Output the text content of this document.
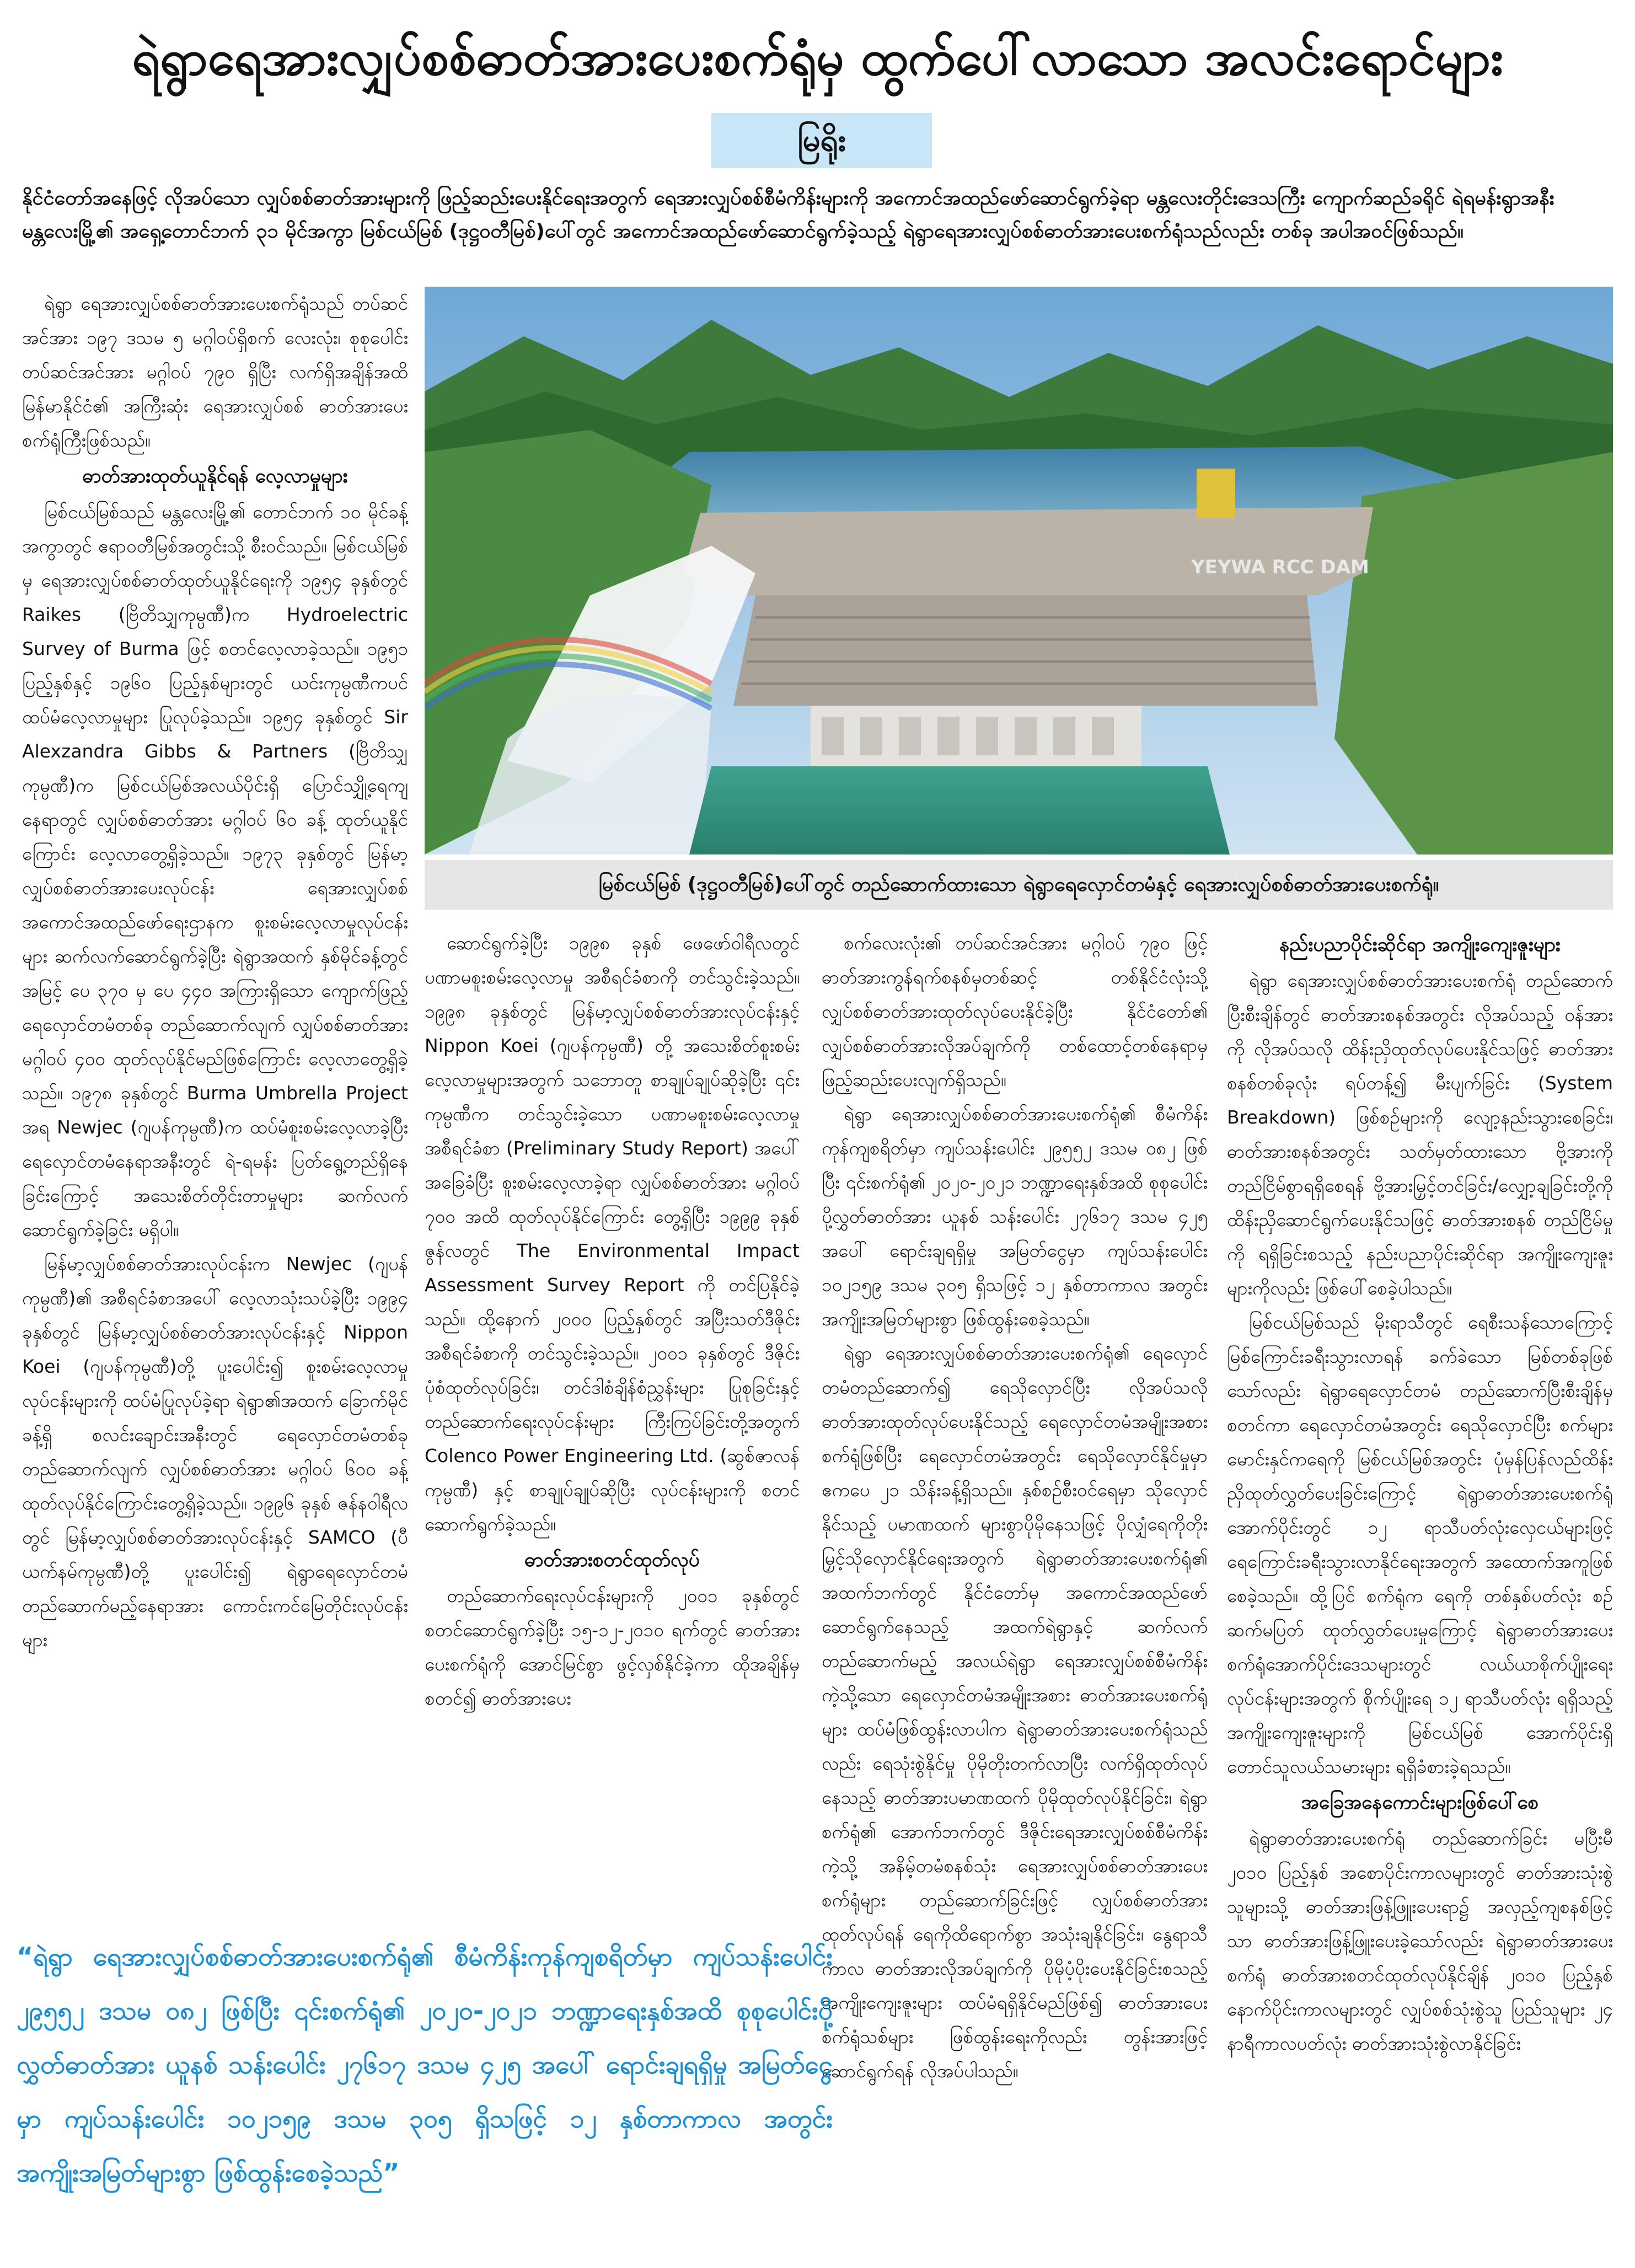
ရဲရွာရေအားလျှပ်စစ်ဓာတ်အားပေးစက်ရုံမှ ထွက်ပေါ်လာသော အလင်းရောင်များ
မြရိုး
နိုင်ငံတော်အနေဖြင့် လိုအပ်သော လျှပ်စစ်ဓာတ်အားများကို ဖြည့်ဆည်းပေးနိုင်ရေးအတွက် ရေအားလျှပ်စစ်စီမံကိန်းများကို အကောင်အထည်ဖော်ဆောင်ရွက်ခဲ့ရာ မန္တလေးတိုင်းဒေသကြီး ကျောက်ဆည်ခရိုင် ရဲရမန်းရွာအနီး မန္တလေးမြို့၏ အရှေ့တောင်ဘက် ၃၁ မိုင်အကွာ မြစ်ငယ်မြစ် (ဒုဋ္ဌဝတီမြစ်)ပေါ်တွင် အကောင်အထည်ဖော်ဆောင်ရွက်ခဲ့သည့် ရဲရွာရေအားလျှပ်စစ်ဓာတ်အားပေးစက်ရုံသည်လည်း တစ်ခု အပါအဝင်ဖြစ်သည်။

ရဲရွာ ရေအားလျှပ်စစ်ဓာတ်အားပေးစက်ရုံသည် တပ်ဆင်အင်အား ၁၉၇ ဒသမ ၅ မဂ္ဂါဝပ်ရှိစက် လေးလုံး၊ စုစုပေါင်းတပ်ဆင်အင်အား မဂ္ဂါဝပ် ၇၉၀ ရှိပြီး လက်ရှိအချိန်အထိ မြန်မာနိုင်ငံ၏ အကြီးဆုံး ရေအားလျှပ်စစ် ဓာတ်အားပေးစက်ရုံကြီးဖြစ်သည်။

ဓာတ်အားထုတ်ယူနိုင်ရန် လေ့လာမှုများ

မြစ်ငယ်မြစ်သည် မန္တလေးမြို့၏ တောင်ဘက် ၁၀ မိုင်ခန့်အကွာတွင် ဧရာဝတီမြစ်အတွင်းသို့ စီးဝင်သည်။ မြစ်ငယ်မြစ်မှ ရေအားလျှပ်စစ်ဓာတ်ထုတ်ယူနိုင်ရေးကို ၁၉၅၄ ခုနှစ်တွင် Raikes (ဗြိတိသျှကုမ္ပဏီ)က Hydroelectric Survey of Burma ဖြင့် စတင်လေ့လာခဲ့သည်။ ၁၉၅၁ ပြည့်နှစ်နှင့် ၁၉၆၀ ပြည့်နှစ်များတွင် ယင်းကုမ္ပဏီကပင် ထပ်မံလေ့လာမှုများ ပြုလုပ်ခဲ့သည်။ ၁၉၅၄ ခုနှစ်တွင် Sir Alexzandra Gibbs & Partners (ဗြိတိသျှကုမ္ပဏီ)က မြစ်ငယ်မြစ်အလယ်ပိုင်းရှိ ပြောင်သျှို့ရေကျနေရာတွင် လျှပ်စစ်ဓာတ်အား မဂ္ဂါဝပ် ၆၀ ခန့် ထုတ်ယူနိုင်ကြောင်း လေ့လာတွေ့ရှိခဲ့သည်။ ၁၉၇၃ ခုနှစ်တွင် မြန်မာ့လျှပ်စစ်ဓာတ်အားပေးလုပ်ငန်း ရေအားလျှပ်စစ် အကောင်အထည်ဖော်ရေးဌာနက စူးစမ်းလေ့လာမှုလုပ်ငန်းများ ဆက်လက်ဆောင်ရွက်ခဲ့ပြီး ရဲရွာအထက် နှစ်မိုင်ခန့်တွင် အမြင့် ပေ ၃၇၀ မှ ပေ ၄၄၀ အကြားရှိသော ကျောက်ဖြည့်ရေလှောင်တမံတစ်ခု တည်ဆောက်လျက် လျှပ်စစ်ဓာတ်အား မဂ္ဂါဝပ် ၄၀၀ ထုတ်လုပ်နိုင်မည်ဖြစ်ကြောင်း လေ့လာတွေ့ရှိခဲ့သည်။ ၁၉၇၈ ခုနှစ်တွင် Burma Umbrella Project အရ Newjec (ဂျပန်ကုမ္ပဏီ)က ထပ်မံစူးစမ်းလေ့လာခဲ့ပြီး ရေလှောင်တမံနေရာအနီးတွင် ရဲ-ရမန်း ပြတ်ရွေ့တည်ရှိနေခြင်းကြောင့် အသေးစိတ်တိုင်းတာမှုများ ဆက်လက်ဆောင်ရွက်ခဲ့ခြင်း မရှိပါ။

မြန်မာ့လျှပ်စစ်ဓာတ်အားလုပ်ငန်းက Newjec (ဂျပန်ကုမ္ပဏီ)၏ အစီရင်ခံစာအပေါ် လေ့လာသုံးသပ်ခဲ့ပြီး ၁၉၉၄ ခုနှစ်တွင် မြန်မာ့လျှပ်စစ်ဓာတ်အားလုပ်ငန်းနှင့် Nippon Koei (ဂျပန်ကုမ္ပဏီ)တို့ ပူးပေါင်း၍ စူးစမ်းလေ့လာမှုလုပ်ငန်းများကို ထပ်မံပြုလုပ်ခဲ့ရာ ရဲရွာ၏အထက် ခြောက်မိုင်ခန့်ရှိ စလင်းချောင်းအနီးတွင် ရေလှောင်တမံတစ်ခု တည်ဆောက်လျက် လျှပ်စစ်ဓာတ်အား မဂ္ဂါဝပ် ၆၀၀ ခန့် ထုတ်လုပ်နိုင်ကြောင်းတွေ့ရှိခဲ့သည်။ ၁၉၉၆ ခုနှစ် ဇန်နဝါရီလတွင် မြန်မာ့လျှပ်စစ်ဓာတ်အားလုပ်ငန်းနှင့် SAMCO (ပီယက်နမ်ကုမ္ပဏီ)တို့ ပူးပေါင်း၍ ရဲရွာရေလှောင်တမံ တည်ဆောက်မည့်နေရာအား ကောင်းကင်မြေတိုင်းလုပ်ငန်းများ

YEYWA RCC DAM
မြစ်ငယ်မြစ် (ဒုဋ္ဌဝတီမြစ်)ပေါ်တွင် တည်ဆောက်ထားသော ရဲရွာရေလှောင်တမံနှင့် ရေအားလျှပ်စစ်ဓာတ်အားပေးစက်ရုံ။

ဆောင်ရွက်ခဲ့ပြီး ၁၉၉၈ ခုနှစ် ဖေဖော်ဝါရီလတွင် ပဏာမစူးစမ်းလေ့လာမှု အစီရင်ခံစာကို တင်သွင်းခဲ့သည်။ ၁၉၉၈ ခုနှစ်တွင် မြန်မာ့လျှပ်စစ်ဓာတ်အားလုပ်ငန်းနှင့် Nippon Koei (ဂျပန်ကုမ္ပဏီ) တို့ အသေးစိတ်စူးစမ်းလေ့လာမှုများအတွက် သဘောတူ စာချုပ်ချုပ်ဆိုခဲ့ပြီး ၎င်းကုမ္ပဏီက တင်သွင်းခဲ့သော ပဏာမစူးစမ်းလေ့လာမှု အစီရင်ခံစာ (Preliminary Study Report) အပေါ် အခြေခံပြီး စူးစမ်းလေ့လာခဲ့ရာ လျှပ်စစ်ဓာတ်အား မဂ္ဂါဝပ် ၇၀၀ အထိ ထုတ်လုပ်နိုင်ကြောင်း တွေ့ရှိပြီး ၁၉၉၉ ခုနှစ် ဇွန်လတွင် The Environmental Impact Assessment Survey Report ကို တင်ပြနိုင်ခဲ့သည်။ ထို့နောက် ၂၀၀၀ ပြည့်နှစ်တွင် အပြီးသတ်ဒီဇိုင်းအစီရင်ခံစာကို တင်သွင်းခဲ့သည်။ ၂၀၀၁ ခုနှစ်တွင် ဒီဇိုင်းပုံစံထုတ်လုပ်ခြင်း၊ တင်ဒါစံချိန်စံညွှန်းများ ပြုစုခြင်းနှင့် တည်ဆောက်ရေးလုပ်ငန်းများ ကြီးကြပ်ခြင်းတို့အတွက် Colenco Power Engineering Ltd. (ဆွစ်ဇာလန်ကုမ္ပဏီ) နှင့် စာချုပ်ချုပ်ဆိုပြီး လုပ်ငန်းများကို စတင်ဆောက်ရွက်ခဲ့သည်။

ဓာတ်အားစတင်ထုတ်လုပ်

တည်ဆောက်ရေးလုပ်ငန်းများကို ၂၀၀၁ ခုနှစ်တွင် စတင်ဆောင်ရွက်ခဲ့ပြီး ၁၅-၁၂-၂၀၁၀ ရက်တွင် ဓာတ်အားပေးစက်ရုံကို အောင်မြင်စွာ ဖွင့်လှစ်နိုင်ခဲ့ကာ ထိုအချိန်မှစတင်၍ ဓာတ်အားပေး

စက်လေးလုံး၏ တပ်ဆင်အင်အား မဂ္ဂါဝပ် ၇၉၀ ဖြင့် ဓာတ်အားကွန်ရက်စနစ်မှတစ်ဆင့် တစ်နိုင်ငံလုံးသို့ လျှပ်စစ်ဓာတ်အားထုတ်လုပ်ပေးနိုင်ခဲ့ပြီး နိုင်ငံတော်၏ လျှပ်စစ်ဓာတ်အားလိုအပ်ချက်ကို တစ်ထောင့်တစ်နေရာမှ ဖြည့်ဆည်းပေးလျက်ရှိသည်။

ရဲရွာ ရေအားလျှပ်စစ်ဓာတ်အားပေးစက်ရုံ၏ စီမံကိန်းကုန်ကျစရိတ်မှာ ကျပ်သန်းပေါင်း ၂၉၅၅၂ ဒသမ ၀၈၂ ဖြစ်ပြီး ၎င်းစက်ရုံ၏ ၂၀၂၀-၂၀၂၁ ဘဏ္ဍာရေးနှစ်အထိ စုစုပေါင်းပို့လွှတ်ဓာတ်အား ယူနစ် သန်းပေါင်း ၂၇၆၁၇ ဒသမ ၄၂၅ အပေါ် ရောင်းချရရှိမှု အမြတ်ငွေမှာ ကျပ်သန်းပေါင်း ၁၀၂၁၅၉ ဒသမ ၃၀၅ ရှိသဖြင့် ၁၂ နှစ်တာကာလ အတွင်း အကျိုးအမြတ်များစွာ ဖြစ်ထွန်းစေခဲ့သည်။

ရဲရွာ ရေအားလျှပ်စစ်ဓာတ်အားပေးစက်ရုံ၏ ရေလှောင်တမံတည်ဆောက်၍ ရေသိုလှောင်ပြီး လိုအပ်သလို ဓာတ်အားထုတ်လုပ်ပေးနိုင်သည့် ရေလှောင်တမံအမျိုးအစားစက်ရုံဖြစ်ပြီး ရေလှောင်တမံအတွင်း ရေသိုလှောင်နိုင်မှုမှာ ဧကပေ ၂၁ သိန်းခန့်ရှိသည်။ နှစ်စဉ်စီးဝင်ရေမှာ သိုလှောင်နိုင်သည့် ပမာဏထက် များစွာပိုမိုနေသဖြင့် ပိုလျှံရေကိုတိုးမြှင့်သိုလှောင်နိုင်ရေးအတွက် ရဲရွာဓာတ်အားပေးစက်ရုံ၏ အထက်ဘက်တွင် နိုင်ငံတော်မှ အကောင်အထည်ဖော်ဆောင်ရွက်နေသည့် အထက်ရဲရွာနှင့် ဆက်လက်တည်ဆောက်မည့် အလယ်ရဲရွာ ရေအားလျှပ်စစ်စီမံကိန်းကဲ့သို့သော ရေလှောင်တမံအမျိုးအစား ဓာတ်အားပေးစက်ရုံများ ထပ်မံဖြစ်ထွန်းလာပါက ရဲရွာဓာတ်အားပေးစက်ရုံသည်လည်း ရေသုံးစွဲနိုင်မှု ပိုမိုတိုးတက်လာပြီး လက်ရှိထုတ်လုပ်နေသည့် ဓာတ်အားပမာဏထက် ပိုမိုထုတ်လုပ်နိုင်ခြင်း၊ ရဲရွာစက်ရုံ၏ အောက်ဘက်တွင် ဒီဇိုင်းရေအားလျှပ်စစ်စီမံကိန်းကဲ့သို့ အနိမ့်တမံစနစ်သုံး ရေအားလျှပ်စစ်ဓာတ်အားပေးစက်ရုံများ တည်ဆောက်ခြင်းဖြင့် လျှပ်စစ်ဓာတ်အား ထုတ်လုပ်ရန် ရေကိုထိရောက်စွာ အသုံးချနိုင်ခြင်း၊ နွေရာသီကာလ ဓာတ်အားလိုအပ်ချက်ကို ပိုမိုပံ့ပိုးပေးနိုင်ခြင်းစသည့် အကျိုးကျေးဇူးများ ထပ်မံရရှိနိုင်မည်ဖြစ်၍ ဓာတ်အားပေး စက်ရုံသစ်များ ဖြစ်ထွန်းရေးကိုလည်း တွန်းအားဖြင့် ဆောင်ရွက်ရန် လိုအပ်ပါသည်။

နည်းပညာပိုင်းဆိုင်ရာ အကျိုးကျေးဇူးများ

ရဲရွာ ရေအားလျှပ်စစ်ဓာတ်အားပေးစက်ရုံ တည်ဆောက်ပြီးစီးချိန်တွင် ဓာတ်အားစနစ်အတွင်း လိုအပ်သည့် ဝန်အားကို လိုအပ်သလို ထိန်းညှိထုတ်လုပ်ပေးနိုင်သဖြင့် ဓာတ်အားစနစ်တစ်ခုလုံး ရပ်တန့်၍ မီးပျက်ခြင်း (System Breakdown) ဖြစ်စဉ်များကို လျော့နည်းသွားစေခြင်း၊ ဓာတ်အားစနစ်အတွင်း သတ်မှတ်ထားသော ဗို့အားကို တည်ငြိမ်စွာရရှိစေရန် ဗို့အားမြှင့်တင်ခြင်း/လျှော့ချခြင်းတို့ကို ထိန်းညှိဆောင်ရွက်ပေးနိုင်သဖြင့် ဓာတ်အားစနစ် တည်ငြိမ်မှုကို ရရှိခြင်းစသည့် နည်းပညာပိုင်းဆိုင်ရာ အကျိုးကျေးဇူးများကိုလည်း ဖြစ်ပေါ်စေခဲ့ပါသည်။

မြစ်ငယ်မြစ်သည် မိုးရာသီတွင် ရေစီးသန်သောကြောင့် မြစ်ကြောင်းခရီးသွားလာရန် ခက်ခဲသော မြစ်တစ်ခုဖြစ်သော်လည်း ရဲရွာရေလှောင်တမံ တည်ဆောက်ပြီးစီးချိန်မှ စတင်ကာ ရေလှောင်တမံအတွင်း ရေသိုလှောင်ပြီး စက်များမောင်းနှင်ကရေကို မြစ်ငယ်မြစ်အတွင်း ပုံမှန်ပြန်လည်ထိန်းညှိထုတ်လွှတ်ပေးခြင်းကြောင့် ရဲရွာဓာတ်အားပေးစက်ရုံ အောက်ပိုင်းတွင် ၁၂ ရာသီပတ်လုံးလှေငယ်များဖြင့် ရေကြောင်းခရီးသွားလာနိုင်ရေးအတွက် အထောက်အကူဖြစ်စေခဲ့သည်။ ထို့ပြင် စက်ရုံက ရေကို တစ်နှစ်ပတ်လုံး စဉ်ဆက်မပြတ် ထုတ်လွှတ်ပေးမှုကြောင့် ရဲရွာဓာတ်အားပေးစက်ရုံအောက်ပိုင်းဒေသများတွင် လယ်ယာစိုက်ပျိုးရေး လုပ်ငန်းများအတွက် စိုက်ပျိုးရေ ၁၂ ရာသီပတ်လုံး ရရှိသည့် အကျိုးကျေးဇူးများကို မြစ်ငယ်မြစ် အောက်ပိုင်းရှိ တောင်သူလယ်သမားများ ရရှိခံစားခဲ့ရသည်။

အခြေအနေကောင်းများဖြစ်ပေါ်စေ

ရဲရွာဓာတ်အားပေးစက်ရုံ တည်ဆောက်ခြင်း မပြီးမီ ၂၀၁၀ ပြည့်နှစ် အစောပိုင်းကာလများတွင် ဓာတ်အားသုံးစွဲသူများသို့ ဓာတ်အားဖြန့်ဖြူးပေးရာ၌ အလှည့်ကျစနစ်ဖြင့်သာ ဓာတ်အားဖြန့်ဖြူးပေးခဲ့သော်လည်း ရဲရွာဓာတ်အားပေးစက်ရုံ ဓာတ်အားစတင်ထုတ်လုပ်နိုင်ချိန် ၂၀၁၀ ပြည့်နှစ် နောက်ပိုင်းကာလများတွင် လျှပ်စစ်သုံးစွဲသူ ပြည်သူများ ၂၄ နာရီကာလပတ်လုံး ဓာတ်အားသုံးစွဲလာနိုင်ခြင်း

“ရဲရွာ ရေအားလျှပ်စစ်ဓာတ်အားပေးစက်ရုံ၏ စီမံကိန်းကုန်ကျစရိတ်မှာ ကျပ်သန်းပေါင်း ၂၉၅၅၂ ဒသမ ၀၈၂ ဖြစ်ပြီး ၎င်းစက်ရုံ၏ ၂၀၂၀-၂၀၂၁ ဘဏ္ဍာရေးနှစ်အထိ စုစုပေါင်းပို့လွှတ်ဓာတ်အား ယူနစ် သန်းပေါင်း ၂၇၆၁၇ ဒသမ ၄၂၅ အပေါ် ရောင်းချရရှိမှု အမြတ်ငွေမှာ ကျပ်သန်းပေါင်း ၁၀၂၁၅၉ ဒသမ ၃၀၅ ရှိသဖြင့် ၁၂ နှစ်တာကာလ အတွင်း အကျိုးအမြတ်များစွာ ဖြစ်ထွန်းစေခဲ့သည်”
